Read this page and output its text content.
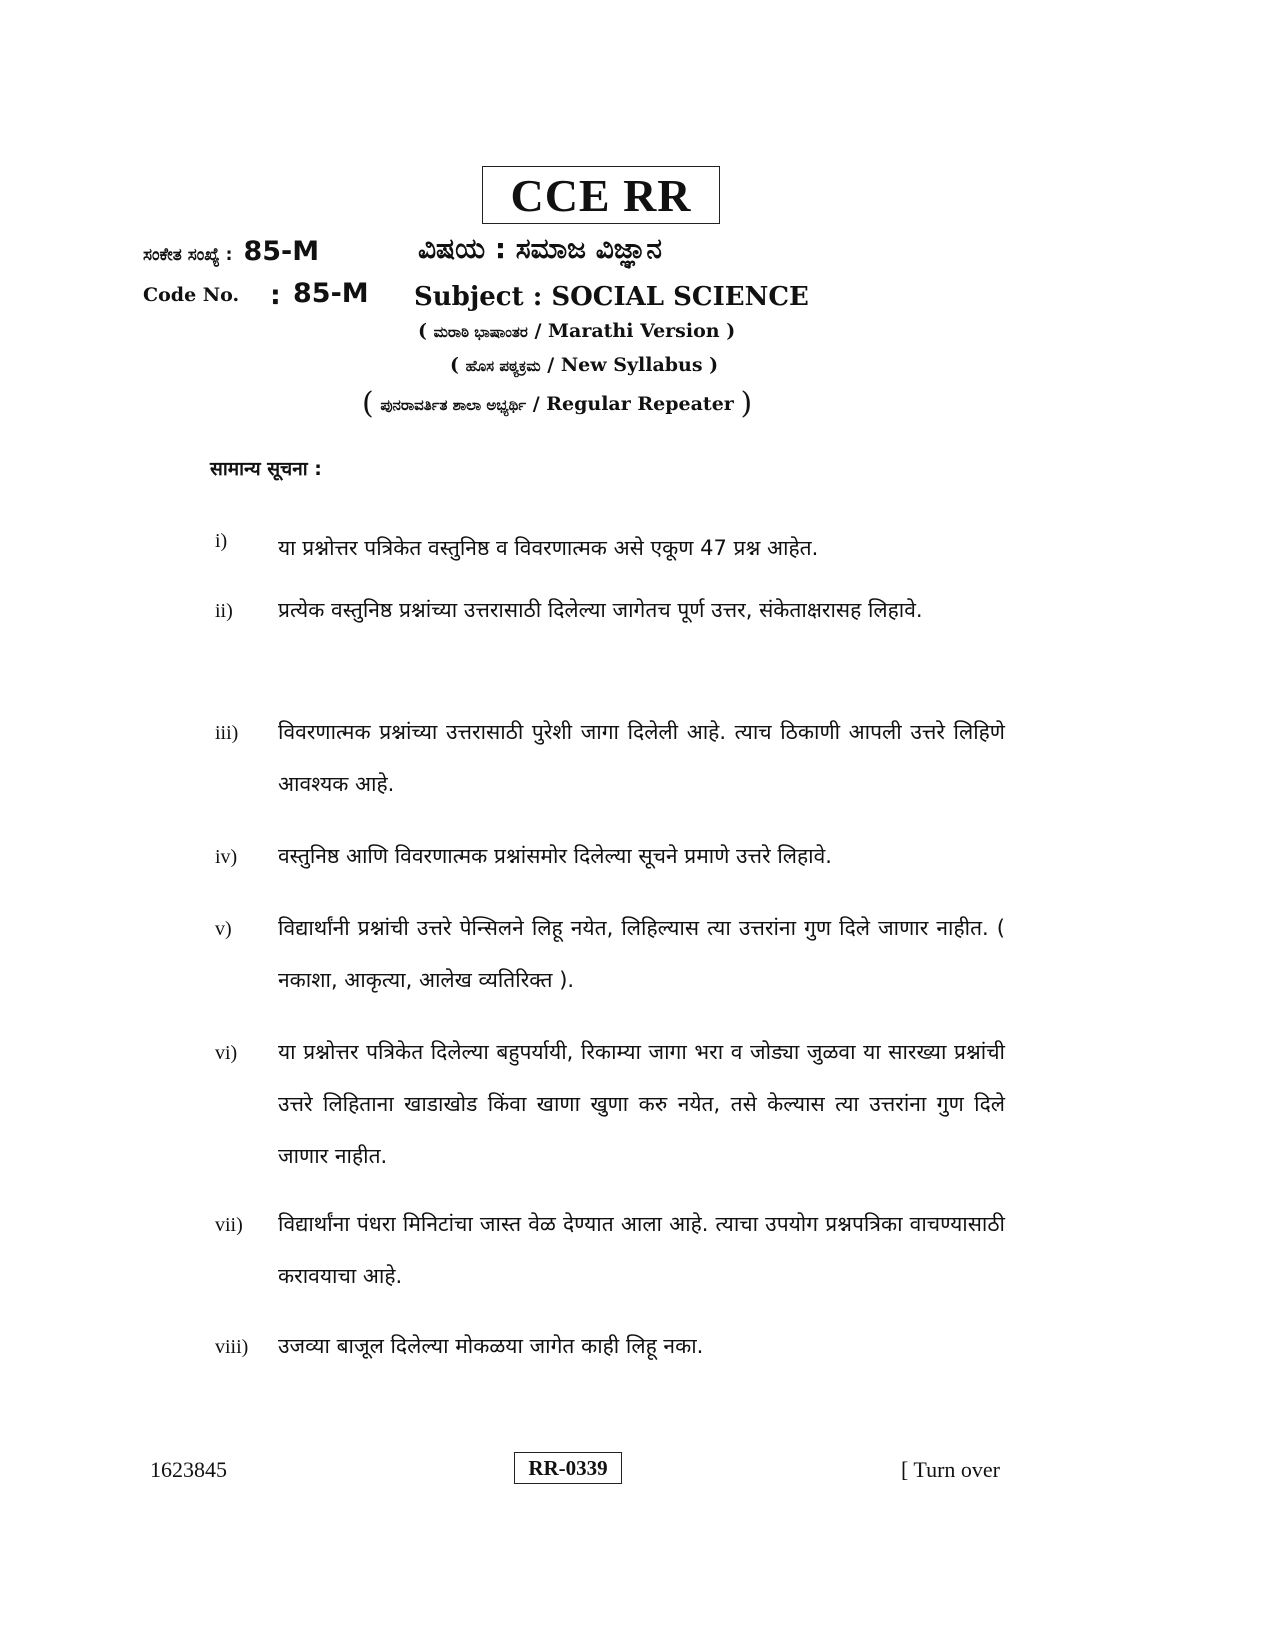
CCE RR
ಸಂಕೇತ ಸಂಖ್ಯೆ : 85-M	ವಿಷಯ : ಸಮಾಜ ವಿಜ್ಞಾನ
Code No. : 85-M Subject : SOCIAL SCIENCE
( ಮರಾಠಿ ಭಾಷಾಂತರ / Marathi Version )
( ಹೊಸ ಪಠ್ಯಕ್ರಮ / New Syllabus )
( ಪುನರಾವರ್ತಿತ ಶಾಲಾ ಅಭ್ಯರ್ಥಿ / Regular Repeater )
सामान्य सूचना :
i)	या प्रश्नोत्तर पत्रिकेत वस्तुनिष्ठ व विवरणात्मक असे एकूण 47 प्रश्न आहेत.
ii)	प्रत्येक वस्तुनिष्ठ प्रश्नांच्या उत्तरासाठी दिलेल्या जागेतच पूर्ण उत्तर, संकेताक्षरासह लिहावे.
iii)	विवरणात्मक प्रश्नांच्या उत्तरासाठी पुरेशी जागा दिलेली आहे. त्याच ठिकाणी आपली उत्तरे लिहिणे आवश्यक आहे.
iv)	वस्तुनिष्ठ आणि विवरणात्मक प्रश्नांसमोर दिलेल्या सूचने प्रमाणे उत्तरे लिहावे.
v)	विद्यार्थांनी प्रश्नांची उत्तरे पेन्सिलने लिहू नयेत, लिहिल्यास त्या उत्तरांना गुण दिले जाणार नाहीत. ( नकाशा, आकृत्या, आलेख व्यतिरिक्त ).
vi)	या प्रश्नोत्तर पत्रिकेत दिलेल्या बहुपर्यायी, रिकाम्या जागा भरा व जोड्या जुळवा या सारख्या प्रश्नांची उत्तरे लिहिताना खाडाखोड किंवा खाणा खुणा करु नयेत, तसे केल्यास त्या उत्तरांना गुण दिले जाणार नाहीत.
vii)	विद्यार्थांना पंधरा मिनिटांचा जास्त वेळ देण्यात आला आहे. त्याचा उपयोग प्रश्नपत्रिका वाचण्यासाठी करावयाचा आहे.
viii)	उजव्या बाजूल दिलेल्या मोकळया जागेत काही लिहू नका.
1623845	RR-0339	[ Turn over
